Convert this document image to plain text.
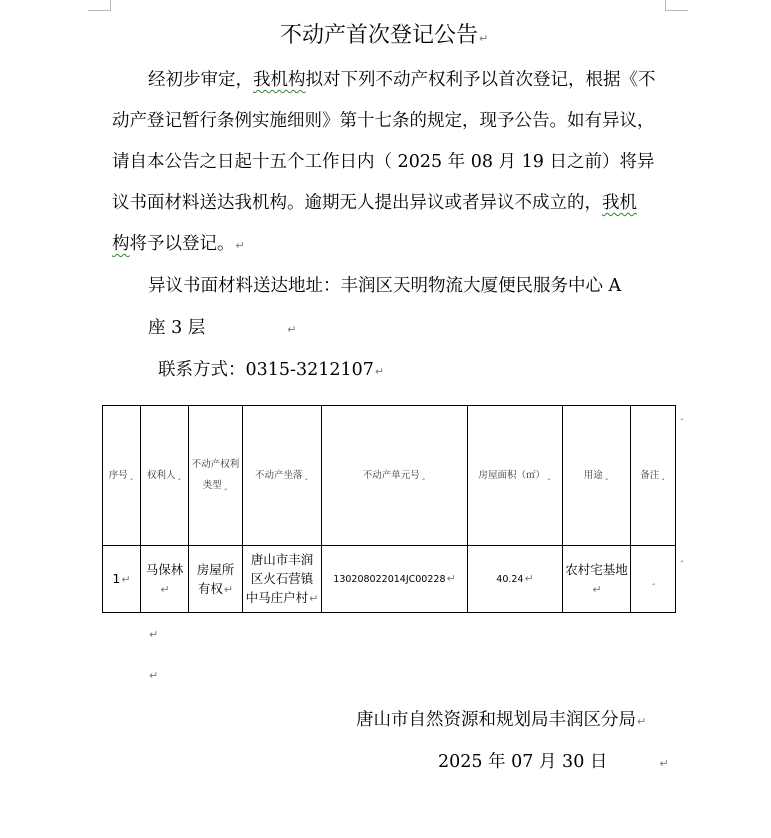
不动产首次登记公告↵
经初步审定，我机构拟对下列不动产权利予以首次登记，根据《不
动产登记暂行条例实施细则》第十七条的规定，现予公告。如有异议，
请自本公告之日起十五个工作日内（ 2025 年 08 月 19 日之前）将异
议书面材料送达我机构。逾期无人提出异议或者异议不成立的，我机
构将予以登记。↵
异议书面材料送达地址：丰润区天明物流大厦便民服务中心 A
座 3 层	↵
联系方式：0315-3212107↵
序号¸	权利人¸	不动产权利类型¸	不动产坐落¸	不动产单元号¸	房屋面积（㎡）¸	用途¸	备注¸
1↵	马保林↵	房屋所有权↵	唐山市丰润区火石营镇中马庄户村↵	130208022014JC00228↵	40.24↵	农村宅基地↵	¸
¸
¸
↵
↵
唐山市自然资源和规划局丰润区分局↵
2025 年 07 月 30 日	↵
